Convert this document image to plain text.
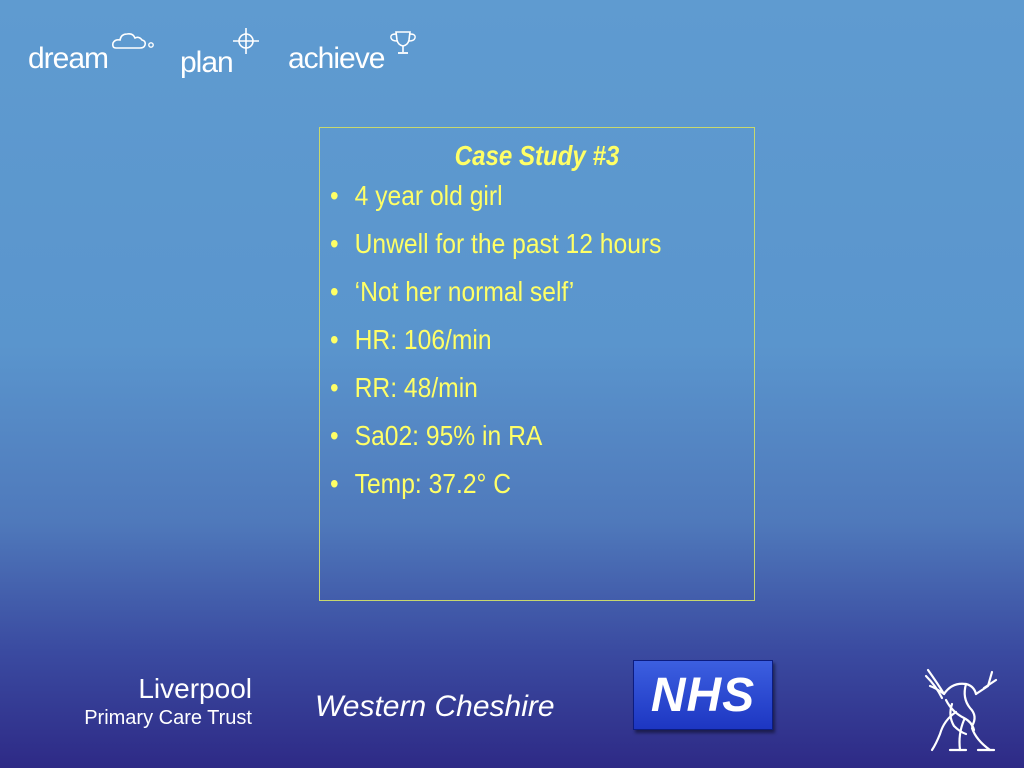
dream plan achieve
Case Study #3
• 4 year old girl
• Unwell for the past 12 hours
• ‘Not her normal self’
• HR: 106/min
• RR: 48/min
• Sa02: 95% in RA
• Temp: 37.2° C
Liverpool
Primary Care Trust Western Cheshire NHS
